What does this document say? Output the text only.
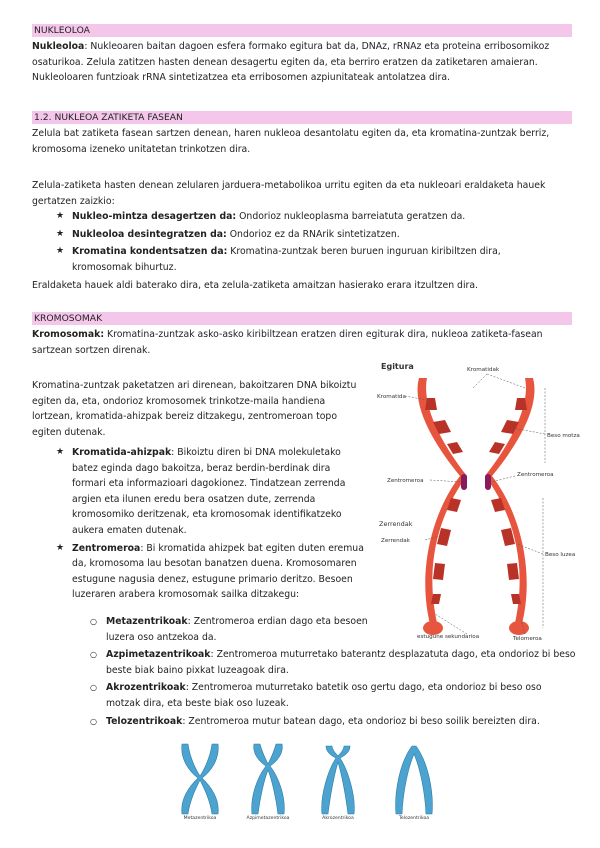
NUKLEOLOA
Nukleoloa: Nukleoaren baitan dagoen esfera formako egitura bat da, DNAz, rRNAz eta proteina erribosomikoz osaturikoa. Zelula zatitzen hasten denean desagertu egiten da, eta berriro eratzen da zatiketaren amaieran. Nukleoloaren funtzioak rRNA sintetizatzea eta erribosomen azpiunitateak antolatzea dira.
1.2. NUKLEOA ZATIKETA FASEAN
Zelula bat zatiketa fasean sartzen denean, haren nukleoa desantolatu egiten da, eta kromatina-zuntzak berriz, kromosoma izeneko unitatetan trinkotzen dira.
Zelula-zatiketa hasten denean zelularen jarduera-metabolikoa urritu egiten da eta nukleoari eraldaketa hauek gertatzen zaizkio:
★ Nukleo-mintza desagertzen da: Ondorioz nukleoplasma barreiatuta geratzen da.
★ Nukleoloa desintegratzen da: Ondorioz ez da RNArik sintetizatzen.
★ Kromatina kondentsatzen da: Kromatina-zuntzak beren buruen inguruan kiribiltzen dira, kromosomak bihurtuz.
Eraldaketa hauek aldi baterako dira, eta zelula-zatiketa amaitzan hasierako erara itzultzen dira.
KROMOSOMAK
Kromosomak: Kromatina-zuntzak asko-asko kiribiltzean eratzen diren egiturak dira, nukleoa zatiketa-fasean sartzean sortzen direnak.
Kromatina-zuntzak paketatzen ari direnean, bakoitzaren DNA bikoiztu egiten da, eta, ondorioz kromosomek trinkotze-maila handiena lortzean, kromatida-ahizpak bereiz ditzakegu, zentromeroan topo egiten dutenak.
★ Kromatida-ahizpak: Bikoiztu diren bi DNA molekuletako batez eginda dago bakoitza, beraz berdin-berdinak dira formari eta informazioari dagokionez. Tindatzean zerrenda argien eta ilunen eredu bera osatzen dute, zerrenda kromosomiko deritzenak, eta kromosomak identifikatzeko aukera ematen dutenak.
★ Zentromeroa: Bi kromatida ahizpek bat egiten duten eremua da, kromosoma lau besotan banatzen duena. Kromosomaren estugune nagusia denez, estugune primario deritzo. Besoen luzeraren arabera kromosomak sailka ditzakegu:
○ Metazentrikoak: Zentromeroa erdian dago eta besoen luzera oso antzekoa da.
○ Azpimetazentrikoak: Zentromeroa muturretako baterantz desplazatuta dago, eta ondorioz bi beso beste biak baino pixkat luzeagoak dira.
○ Akrozentrikoak: Zentromeroa muturretako batetik oso gertu dago, eta ondorioz bi beso oso motzak dira, eta beste biak oso luzeak.
○ Telozentrikoak: Zentromeroa mutur batean dago, eta ondorioz bi beso soilik bereizten dira.
Egitura	Kromatidak
Kromatida
Beso motza
Zentromeroa
Zentromeroa
Zerrendak
Zerrendak
Beso luzea
estugune sekundarioa	Telomeroa
Metazentrikoa	Azpimetazentrikoa	Akrozentrikoa	Telozentrikoa
